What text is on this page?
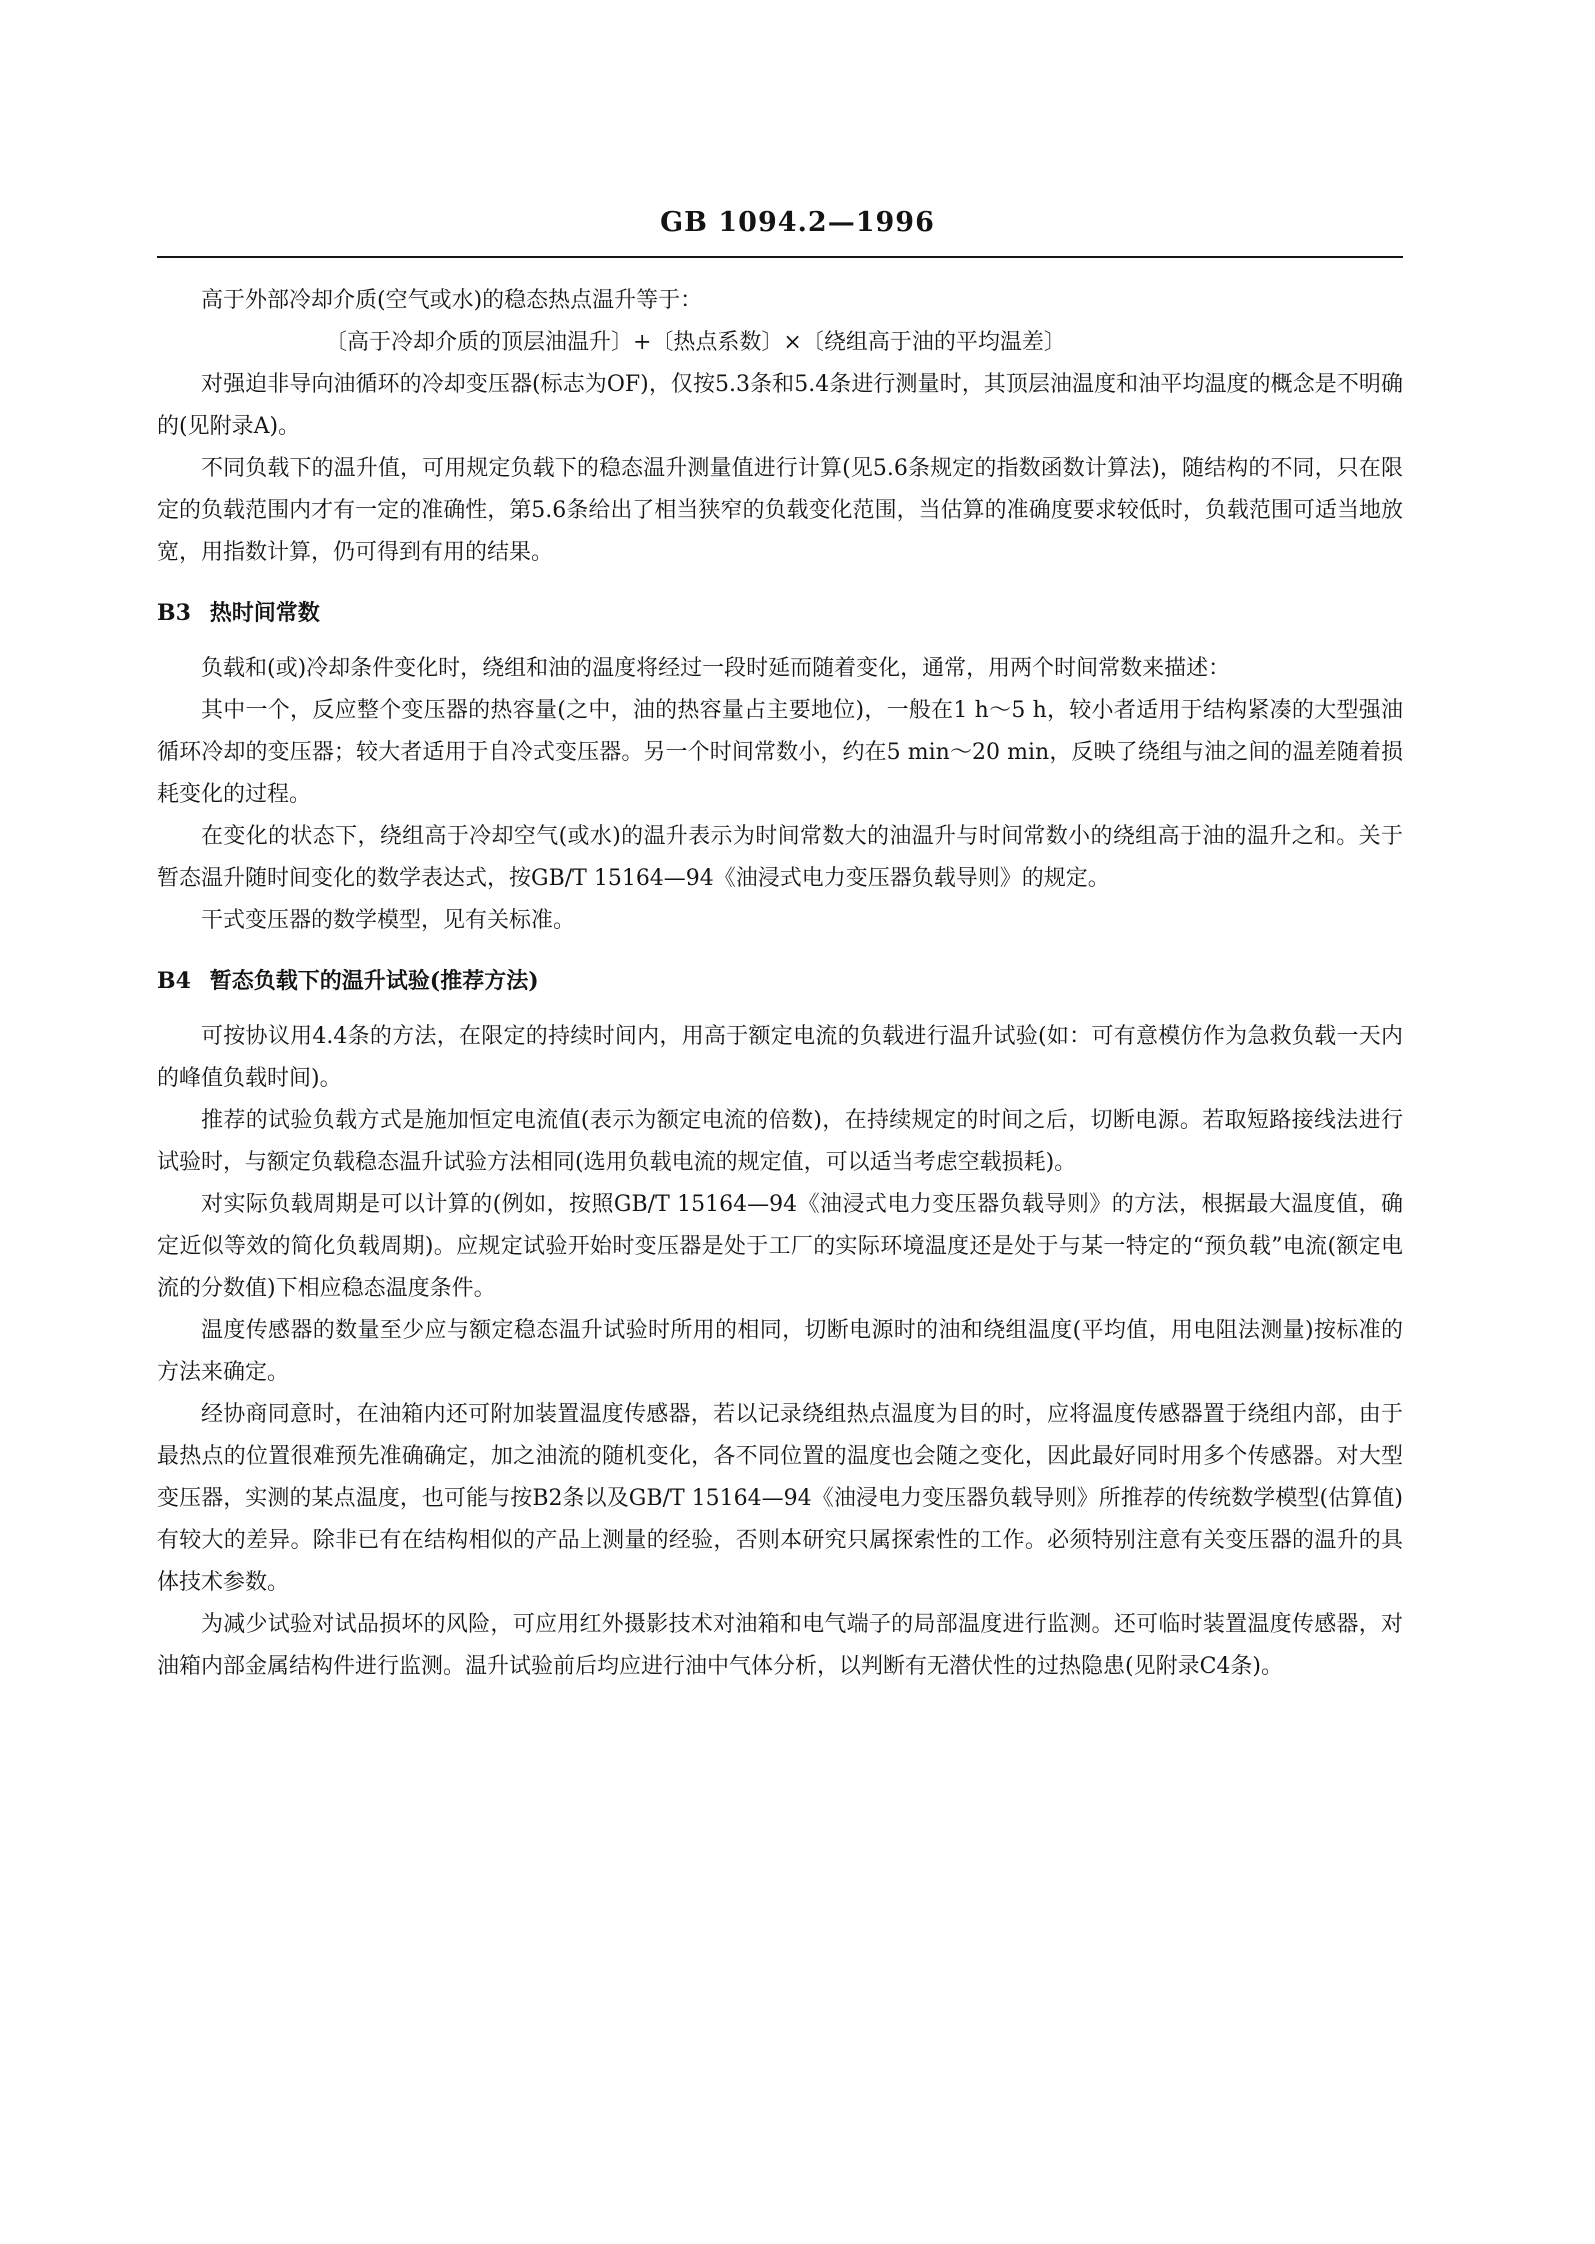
GB 1094.2—1996

高于外部冷却介质(空气或水)的稳态热点温升等于：

〔高于冷却介质的顶层油温升〕+〔热点系数〕×〔绕组高于油的平均温差〕

对强迫非导向油循环的冷却变压器(标志为OF)，仅按5.3条和5.4条进行测量时，其顶层油温度和油平均温度的概念是不明确的(见附录A)。

不同负载下的温升值，可用规定负载下的稳态温升测量值进行计算(见5.6条规定的指数函数计算法)，随结构的不同，只在限定的负载范围内才有一定的准确性，第5.6条给出了相当狭窄的负载变化范围，当估算的准确度要求较低时，负载范围可适当地放宽，用指数计算，仍可得到有用的结果。

B3 热时间常数

负载和(或)冷却条件变化时，绕组和油的温度将经过一段时延而随着变化，通常，用两个时间常数来描述：

其中一个，反应整个变压器的热容量(之中，油的热容量占主要地位)，一般在1 h～5 h，较小者适用于结构紧凑的大型强油循环冷却的变压器；较大者适用于自冷式变压器。另一个时间常数小，约在5 min～20 min，反映了绕组与油之间的温差随着损耗变化的过程。

在变化的状态下，绕组高于冷却空气(或水)的温升表示为时间常数大的油温升与时间常数小的绕组高于油的温升之和。关于暂态温升随时间变化的数学表达式，按GB/T 15164—94《油浸式电力变压器负载导则》的规定。

干式变压器的数学模型，见有关标准。

B4 暂态负载下的温升试验(推荐方法)

可按协议用4.4条的方法，在限定的持续时间内，用高于额定电流的负载进行温升试验(如：可有意模仿作为急救负载一天内的峰值负载时间)。

推荐的试验负载方式是施加恒定电流值(表示为额定电流的倍数)，在持续规定的时间之后，切断电源。若取短路接线法进行试验时，与额定负载稳态温升试验方法相同(选用负载电流的规定值，可以适当考虑空载损耗)。

对实际负载周期是可以计算的(例如，按照GB/T 15164—94《油浸式电力变压器负载导则》的方法，根据最大温度值，确定近似等效的简化负载周期)。应规定试验开始时变压器是处于工厂的实际环境温度还是处于与某一特定的“预负载”电流(额定电流的分数值)下相应稳态温度条件。

温度传感器的数量至少应与额定稳态温升试验时所用的相同，切断电源时的油和绕组温度(平均值，用电阻法测量)按标准的方法来确定。

经协商同意时，在油箱内还可附加装置温度传感器，若以记录绕组热点温度为目的时，应将温度传感器置于绕组内部，由于最热点的位置很难预先准确确定，加之油流的随机变化，各不同位置的温度也会随之变化，因此最好同时用多个传感器。对大型变压器，实测的某点温度，也可能与按B2条以及GB/T 15164—94《油浸电力变压器负载导则》所推荐的传统数学模型(估算值)有较大的差异。除非已有在结构相似的产品上测量的经验，否则本研究只属探索性的工作。必须特别注意有关变压器的温升的具体技术参数。

为减少试验对试品损坏的风险，可应用红外摄影技术对油箱和电气端子的局部温度进行监测。还可临时装置温度传感器，对油箱内部金属结构件进行监测。温升试验前后均应进行油中气体分析，以判断有无潜伏性的过热隐患(见附录C4条)。
